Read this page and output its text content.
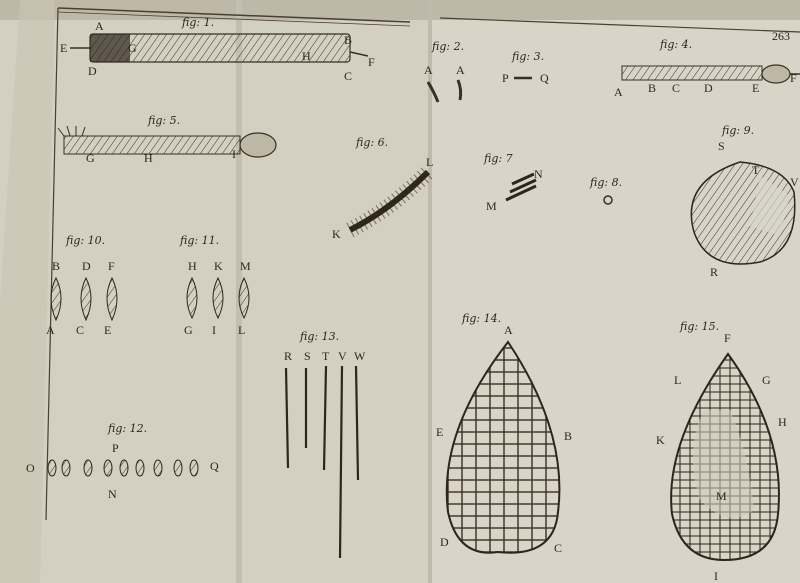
263
fig: 1.
A
B
C
D
E
F
G
H
fig: 2.
A A
fig: 3.
P	Q
fig: 4.
A B C D	E
F
fig: 5.
G	H	I
fig: 6.
K
L	fig: 7
M
N
fig: 8.
fig: 9.
S
T
V
R
fig: 10.
B D F
A C E
fig: 11.
H K M
G I L
fig: 12.
O
P
Q
N
fig: 13.
R S T V W
fig: 14.
A
B
C
D
E
fig: 15.
F
G
H
I
K
L
M
